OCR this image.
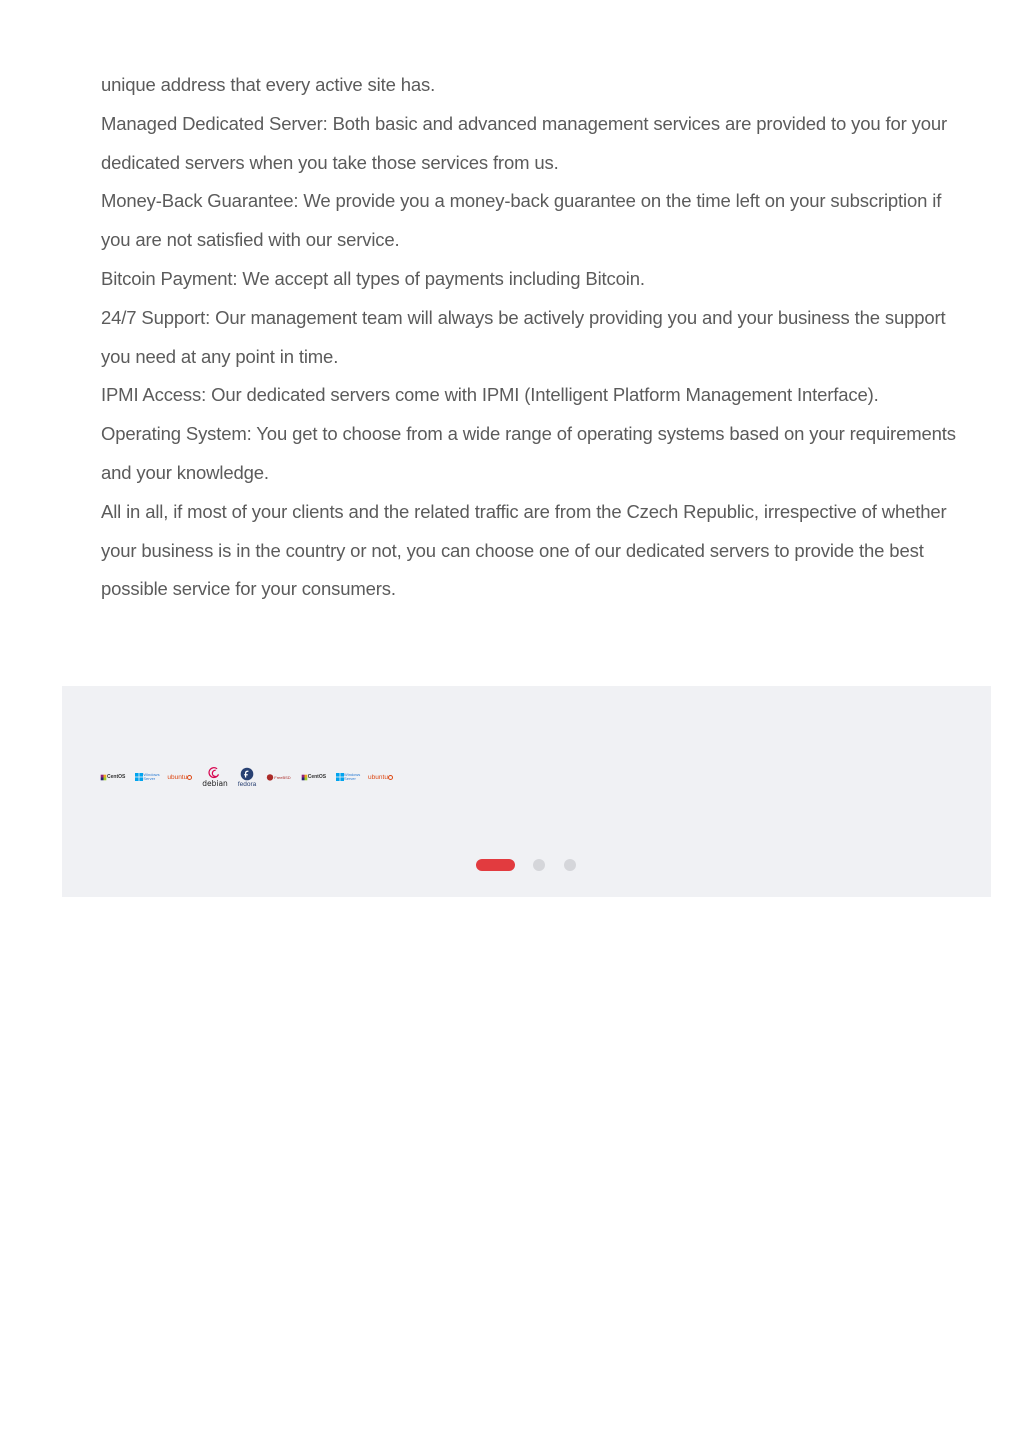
unique address that every active site has.

Managed Dedicated Server: Both basic and advanced management services are provided to you for your dedicated servers when you take those services from us.

Money-Back Guarantee: We provide you a money-back guarantee on the time left on your subscription if you are not satisfied with our service.

Bitcoin Payment: We accept all types of payments including Bitcoin.

24/7 Support: Our management team will always be actively providing you and your business the support you need at any point in time.

IPMI Access: Our dedicated servers come with IPMI (Intelligent Platform Management Interface).

Operating System: You get to choose from a wide range of operating systems based on your requirements and your knowledge.

All in all, if most of your clients and the related traffic are from the Czech Republic, irrespective of whether your business is in the country or not, you can choose one of our dedicated servers to provide the best possible service for your consumers.

CentOS	Windows Server	ubuntu
debian fedora
FreeBSD	CentOS	Windows Server	ubuntu
